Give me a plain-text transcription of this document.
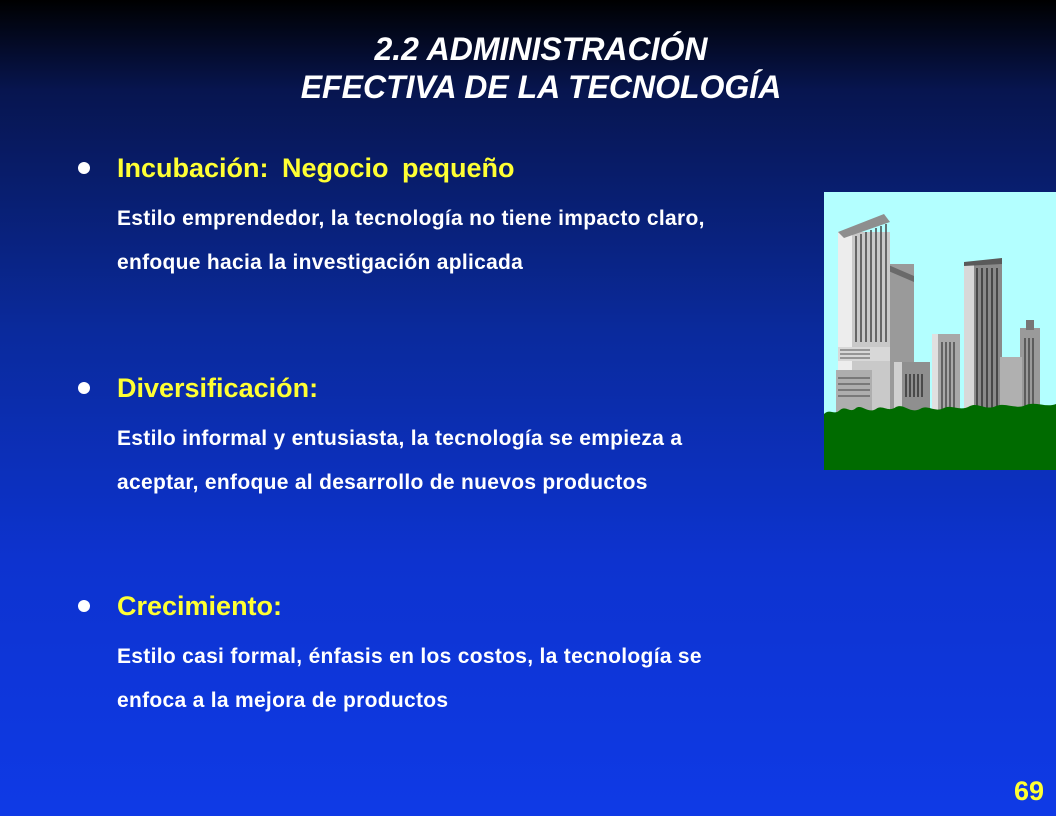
2.2 ADMINISTRACIÓN
EFECTIVA DE LA TECNOLOGÍA
Incubación: Negocio pequeño
Estilo emprendedor, la tecnología no tiene impacto claro,
enfoque hacia la investigación aplicada
Diversificación:
Estilo informal y entusiasta, la tecnología se empieza a
aceptar, enfoque al desarrollo de nuevos productos
Crecimiento:
Estilo casi formal, énfasis en los costos, la tecnología se
enfoca a la mejora de productos
69
